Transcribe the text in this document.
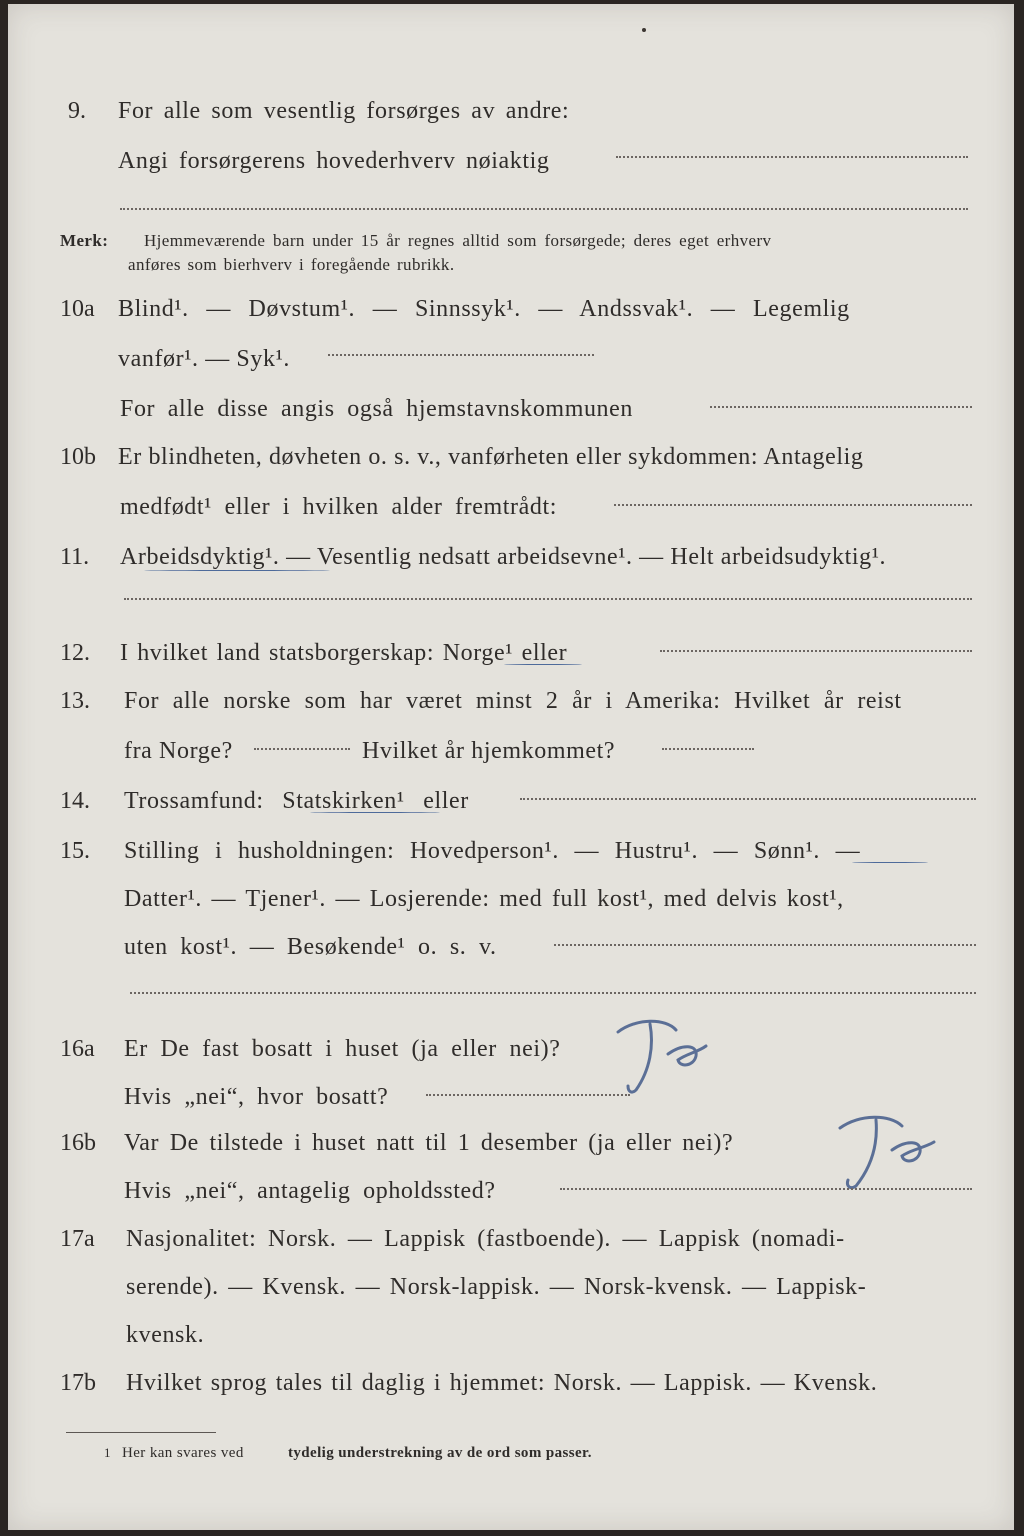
9. For alle som vesentlig forsørges av andre:
Angi forsørgerens hovederhverv nøiaktig
Merk: Hjemmeværende barn under 15 år regnes alltid som forsørgede; deres eget erhverv
anføres som bierhverv i foregående rubrikk.
10a Blind¹. — Døvstum¹. — Sinnssyk¹. — Andssvak¹. — Legemlig
vanfør¹. — Syk¹.
For alle disse angis også hjemstavnskommunen
10b Er blindheten, døvheten o. s. v., vanførheten eller sykdommen: Antagelig
medfødt¹ eller i hvilken alder fremtrådt:
11. Arbeidsdyktig¹. — Vesentlig nedsatt arbeidsevne¹. — Helt arbeidsudyktig¹.
12. I hvilket land statsborgerskap: Norge¹ eller
13. For alle norske som har været minst 2 år i Amerika: Hvilket år reist
fra Norge?	Hvilket år hjemkommet?
14. Trossamfund: Statskirken¹ eller
15. Stilling i husholdningen: Hovedperson¹. — Hustru¹. — Sønn¹. —
Datter¹. — Tjener¹. — Losjerende: med full kost¹, med delvis kost¹,
uten kost¹. — Besøkende¹ o. s. v.
16a Er De fast bosatt i huset (ja eller nei)?
Ja
Hvis „nei“, hvor bosatt?
16b Var De tilstede i huset natt til 1 desember (ja eller nei)?
Ja
Hvis „nei“, antagelig opholdssted?
17a Nasjonalitet: Norsk. — Lappisk (fastboende). — Lappisk (nomadi-
serende). — Kvensk. — Norsk-lappisk. — Norsk-kvensk. — Lappisk-
kvensk.
17b Hvilket sprog tales til daglig i hjemmet: Norsk. — Lappisk. — Kvensk.
1 Her kan svares ved	tydelig understrekning av de ord som passer.
